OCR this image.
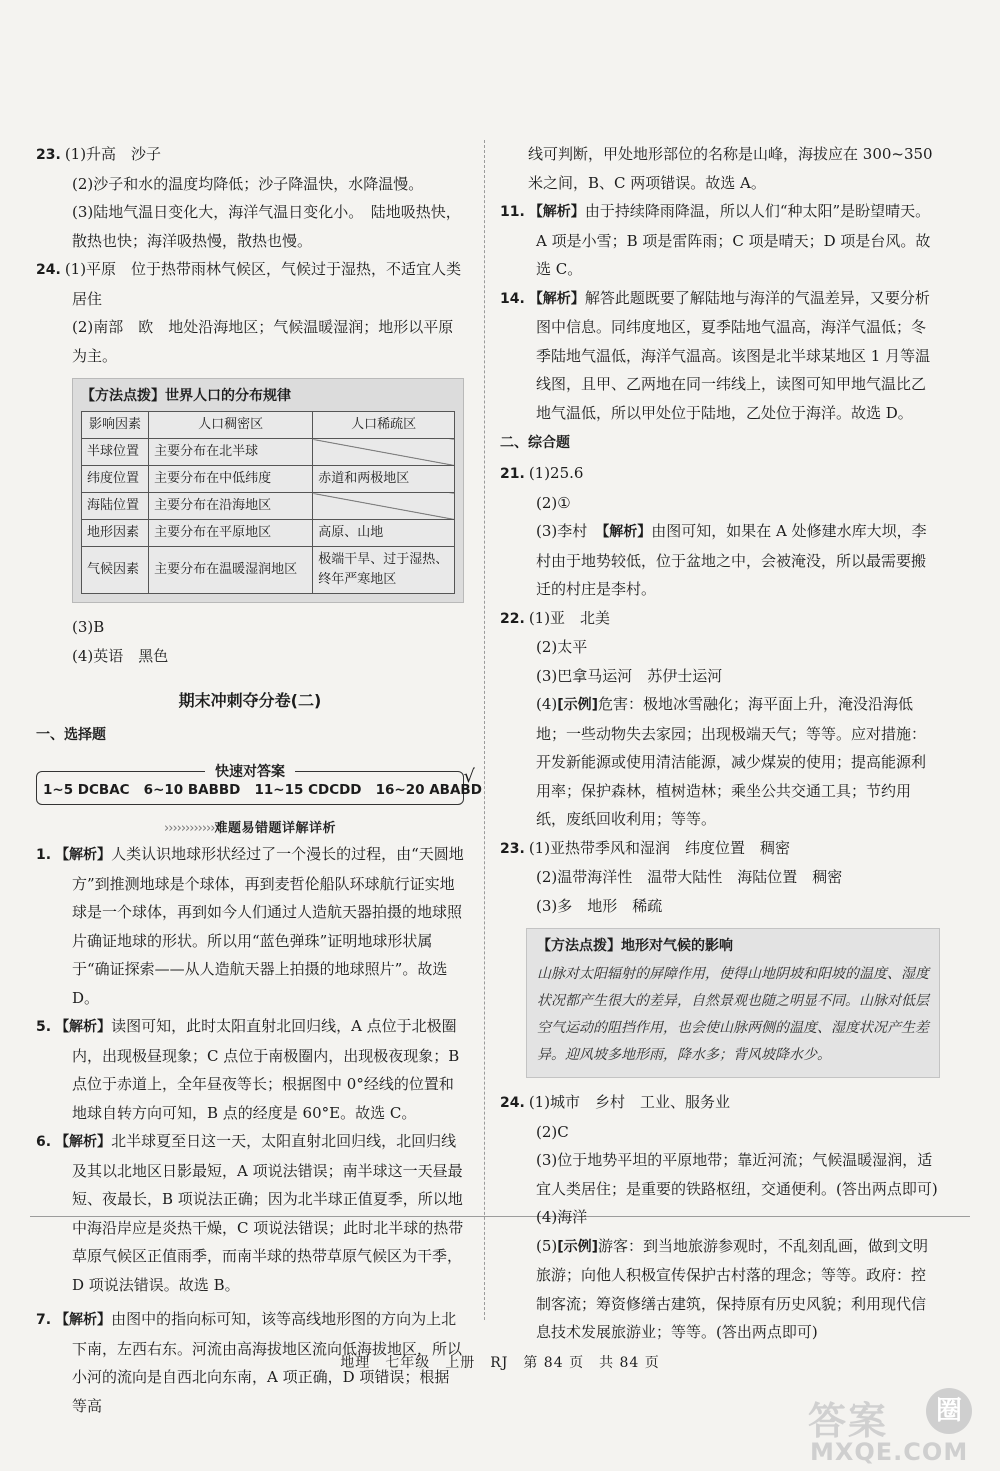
23. (1)升高　沙子

(2)沙子和水的温度均降低；沙子降温快，水降温慢。

(3)陆地气温日变化大，海洋气温日变化小。　陆地吸热快，散热也快；海洋吸热慢，散热也慢。

24. (1)平原　位于热带雨林气候区，气候过于湿热，不适宜人类居住

(2)南部　欧　地处沿海地区；气候温暖湿润；地形以平原为主。

【方法点拨】世界人口的分布规律
影响因素	人口稠密区	人口稀疏区
半球位置	主要分布在北半球	
纬度位置	主要分布在中低纬度	赤道和两极地区
海陆位置	主要分布在沿海地区	
地形因素	主要分布在平原地区	高原、山地
气候因素	主要分布在温暖湿润地区	极端干旱、过于湿热、终年严寒地区

(3)B

(4)英语　黑色

期末冲刺夺分卷(二)
一、选择题
快速对答案	√
1~5 DCBAC 6~10 BABBD 11~15 CDCDD 16~20 ABABD
››››››››››››难题易错题详解详析

1. 【解析】人类认识地球形状经过了一个漫长的过程，由“天圆地方”到推测地球是个球体，再到麦哲伦船队环球航行证实地球是一个球体，再到如今人们通过人造航天器拍摄的地球照片确证地球的形状。所以用“蓝色弹珠”证明地球形状属于“确证探索——从人造航天器上拍摄的地球照片”。故选 D。

5. 【解析】读图可知，此时太阳直射北回归线，A 点位于北极圈内，出现极昼现象；C 点位于南极圈内，出现极夜现象；B 点位于赤道上，全年昼夜等长；根据图中 0°经线的位置和地球自转方向可知，B 点的经度是 60°E。故选 C。

6. 【解析】北半球夏至日这一天，太阳直射北回归线，北回归线及其以北地区日影最短，A 项说法错误；南半球这一天昼最短、夜最长，B 项说法正确；因为北半球正值夏季，所以地中海沿岸应是炎热干燥，C 项说法错误；此时北半球的热带草原气候区正值雨季，而南半球的热带草原气候区为干季，D 项说法错误。故选 B。

7. 【解析】由图中的指向标可知，该等高线地形图的方向为上北下南，左西右东。河流由高海拔地区流向低海拔地区，所以小河的流向是自西北向东南，A 项正确，D 项错误；根据等高

线可判断，甲处地形部位的名称是山峰，海拔应在 300~350 米之间，B、C 两项错误。故选 A。

11. 【解析】由于持续降雨降温，所以人们“种太阳”是盼望晴天。A 项是小雪；B 项是雷阵雨；C 项是晴天；D 项是台风。故选 C。

14. 【解析】解答此题既要了解陆地与海洋的气温差异，又要分析图中信息。同纬度地区，夏季陆地气温高，海洋气温低；冬季陆地气温低，海洋气温高。该图是北半球某地区 1 月等温线图，且甲、乙两地在同一纬线上，读图可知甲地气温比乙地气温低，所以甲处位于陆地，乙处位于海洋。故选 D。

二、综合题

21. (1)25.6

(2)①

(3)李村　【解析】由图可知，如果在 A 处修建水库大坝，李村由于地势较低，位于盆地之中，会被淹没，所以最需要搬迁的村庄是李村。

22. (1)亚　北美

(2)太平

(3)巴拿马运河　苏伊士运河

(4)[示例]危害：极地冰雪融化；海平面上升，淹没沿海低地；一些动物失去家园；出现极端天气；等等。应对措施：开发新能源或使用清洁能源，减少煤炭的使用；提高能源利用率；保护森林，植树造林；乘坐公共交通工具；节约用纸，废纸回收利用；等等。

23. (1)亚热带季风和湿润　纬度位置　稠密

(2)温带海洋性　温带大陆性　海陆位置　稠密

(3)多　地形　稀疏

【方法点拨】地形对气候的影响
山脉对太阳辐射的屏障作用，使得山地阴坡和阳坡的温度、湿度状况都产生很大的差异，自然景观也随之明显不同。山脉对低层空气运动的阻挡作用，也会使山脉两侧的温度、湿度状况产生差异。迎风坡多地形雨，降水多；背风坡降水少。

24. (1)城市　乡村　工业、服务业

(2)C

(3)位于地势平坦的平原地带；靠近河流；气候温暖湿润，适宜人类居住；是重要的铁路枢纽，交通便利。(答出两点即可)

(4)海洋

(5)[示例]游客：到当地旅游参观时，不乱刻乱画，做到文明旅游；向他人积极宣传保护古村落的理念；等等。政府：控制客流；筹资修缮古建筑，保持原有历史风貌；利用现代信息技术发展旅游业；等等。(答出两点即可)

地理　七年级　上册　RJ　第 84 页　共 84 页
答案	圈
MXQE.COM
